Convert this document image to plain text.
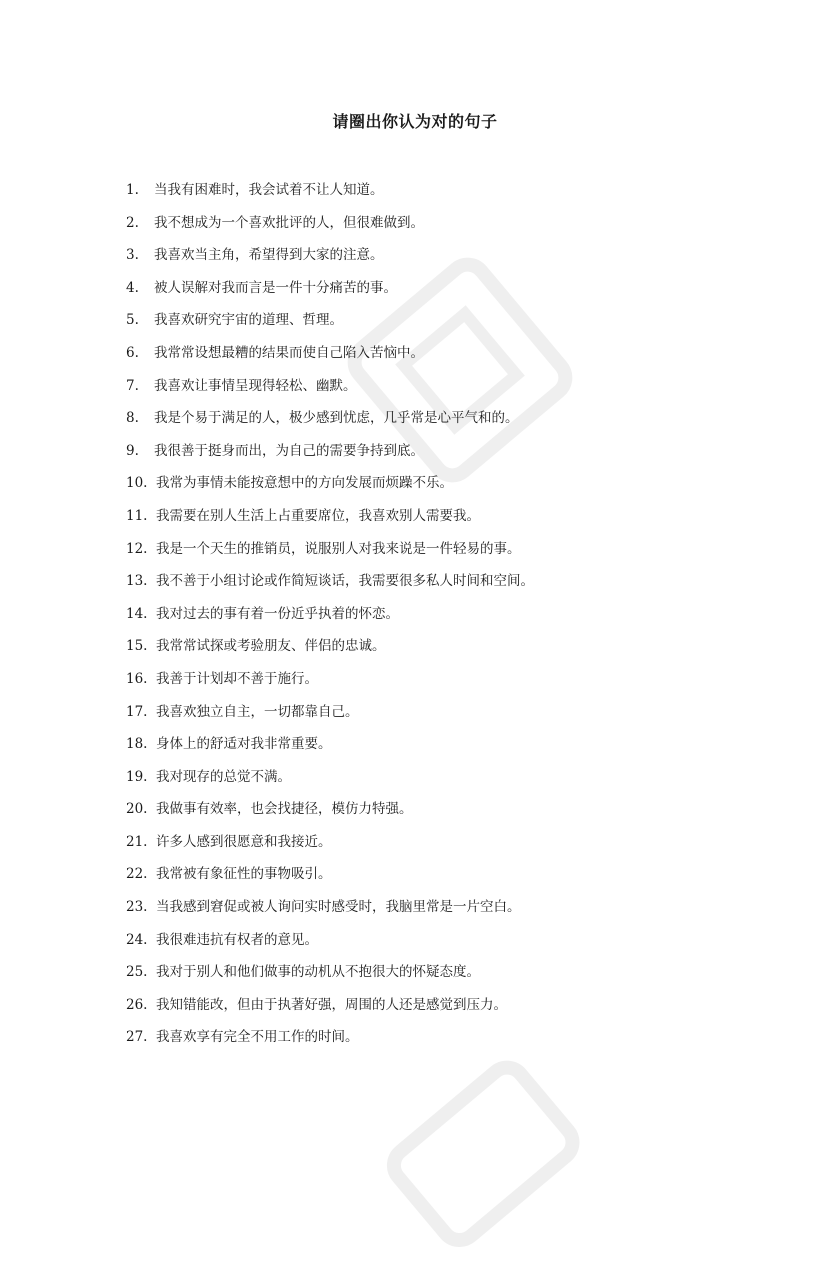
请圈出你认为对的句子
1.	当我有困难时，我会试着不让人知道。
2.	我不想成为一个喜欢批评的人，但很难做到。
3.	我喜欢当主角，希望得到大家的注意。
4.	被人误解对我而言是一件十分痛苦的事。
5.	我喜欢研究宇宙的道理、哲理。
6.	我常常设想最糟的结果而使自己陷入苦恼中。
7.	我喜欢让事情呈现得轻松、幽默。
8.	我是个易于满足的人，极少感到忧虑，几乎常是心平气和的。
9.	我很善于挺身而出，为自己的需要争持到底。
10. 我常为事情未能按意想中的方向发展而烦躁不乐。
11. 我需要在别人生活上占重要席位，我喜欢别人需要我。
12. 我是一个天生的推销员，说服别人对我来说是一件轻易的事。
13. 我不善于小组讨论或作简短谈话，我需要很多私人时间和空间。
14. 我对过去的事有着一份近乎执着的怀恋。
15. 我常常试探或考验朋友、伴侣的忠诚。
16. 我善于计划却不善于施行。
17. 我喜欢独立自主，一切都靠自己。
18. 身体上的舒适对我非常重要。
19. 我对现存的总觉不满。
20. 我做事有效率，也会找捷径，模仿力特强。
21. 许多人感到很愿意和我接近。
22. 我常被有象征性的事物吸引。
23. 当我感到窘促或被人询问实时感受时，我脑里常是一片空白。
24. 我很难违抗有权者的意见。
25. 我对于别人和他们做事的动机从不抱很大的怀疑态度。
26. 我知错能改，但由于执著好强，周围的人还是感觉到压力。
27. 我喜欢享有完全不用工作的时间。
